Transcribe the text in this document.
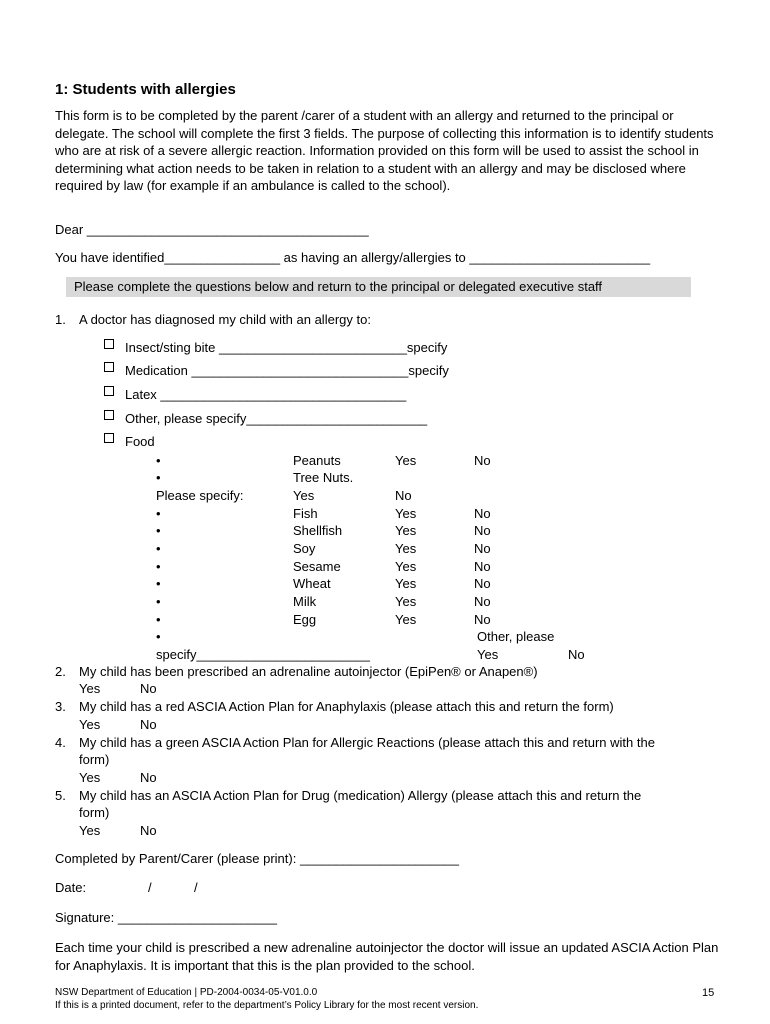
1: Students with allergies
This form is to be completed by the parent /carer of a student with an allergy and returned to the principal or delegate. The school will complete the first 3 fields. The purpose of collecting this information is to identify students who are at risk of a severe allergic reaction. Information provided on this form will be used to assist the school in determining what action needs to be taken in relation to a student with an allergy and may be disclosed where required by law (for example if an ambulance is called to the school).
Dear _______________________________________
You have identified________________ as having an allergy/allergies to _________________________
Please complete the questions below and return to the principal or delegated executive staff
1. A doctor has diagnosed my child with an allergy to:
Insect/sting bite __________________________specify
Medication ______________________________specify
Latex __________________________________
Other, please specify_________________________
Food
•	Peanuts	Yes	No
•	Tree Nuts.
Please specify:	Yes	No
•	Fish	Yes	No
•	Shellfish	Yes	No
•	Soy	Yes	No
•	Sesame	Yes	No
•	Wheat	Yes	No
•	Milk	Yes	No
•	Egg	Yes	No
•	Other, please
specify________________________	Yes	No
2. My child has been prescribed an adrenaline autoinjector (EpiPen® or Anapen®)
Yes	No
3. My child has a red ASCIA Action Plan for Anaphylaxis (please attach this and return the form)
Yes	No
4. My child has a green ASCIA Action Plan for Allergic Reactions (please attach this and return with the
form)
Yes	No
5. My child has an ASCIA Action Plan for Drug (medication) Allergy (please attach this and return the
form)
Yes	No
Completed by Parent/Carer (please print): ______________________
Date:	/	/
Signature: ______________________
Each time your child is prescribed a new adrenaline autoinjector the doctor will issue an updated ASCIA Action Plan for Anaphylaxis. It is important that this is the plan provided to the school.
NSW Department of Education | PD-2004-0034-05-V01.0.0
If this is a printed document, refer to the department’s Policy Library for the most recent version.
15
